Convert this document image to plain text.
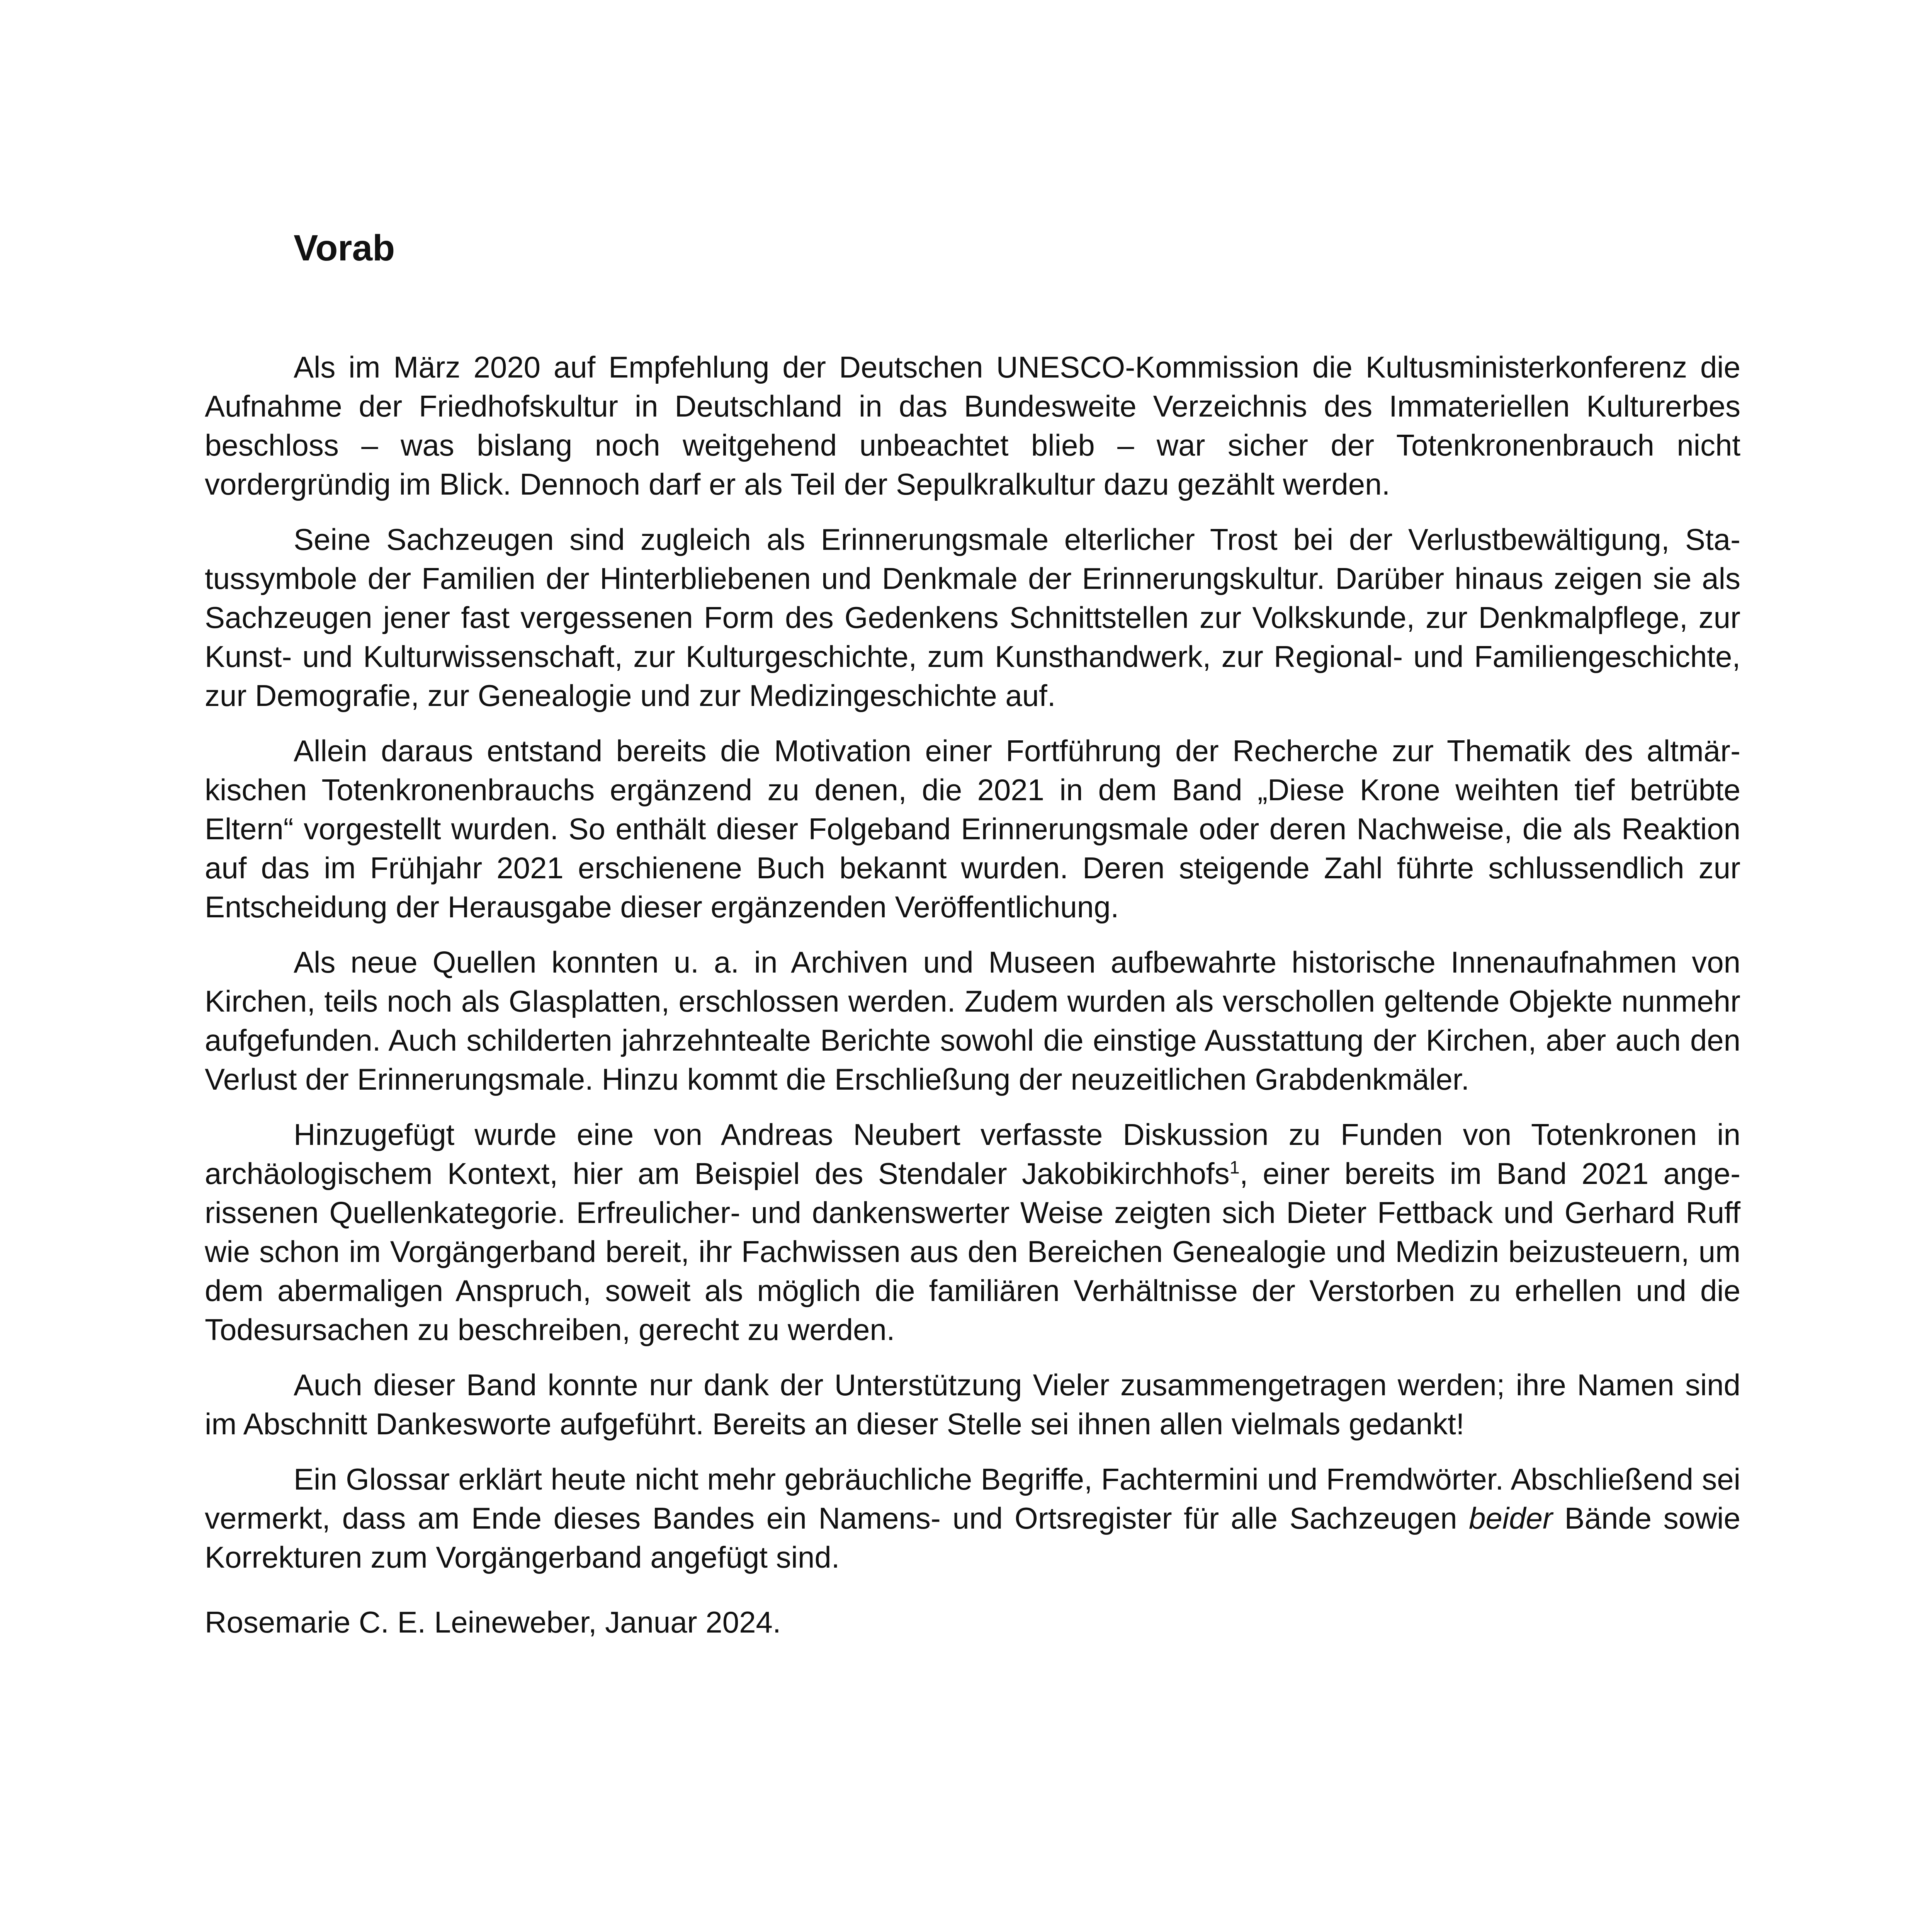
Vorab

Als im März 2020 auf Empfehlung der Deutschen UNESCO-Kommission die Kultusministerkonferenz die Aufnahme der Friedhofskultur in Deutschland in das Bundesweite Verzeichnis des Immateriellen Kulturerbes beschloss – was bislang noch weitgehend unbeachtet blieb – war sicher der Totenkronenbrauch nicht vordergründig im Blick. Dennoch darf er als Teil der Sepulkralkultur dazu gezählt werden.

Seine Sachzeugen sind zugleich als Erinnerungsmale elterlicher Trost bei der Verlustbewältigung, Statussymbole der Familien der Hinterbliebenen und Denkmale der Erinnerungskultur. Darüber hinaus zeigen sie als Sachzeugen jener fast vergessenen Form des Gedenkens Schnittstellen zur Volkskunde, zur Denkmalpflege, zur Kunst- und Kulturwissenschaft, zur Kulturgeschichte, zum Kunsthandwerk, zur Regional- und Familiengeschichte, zur Demografie, zur Genealogie und zur Medizingeschichte auf.

Allein daraus entstand bereits die Motivation einer Fortführung der Recherche zur Thematik des altmärkischen Totenkronenbrauchs ergänzend zu denen, die 2021 in dem Band „Diese Krone weihten tief betrübte Eltern“ vorgestellt wurden. So enthält dieser Folgeband Erinnerungsmale oder deren Nachweise, die als Reaktion auf das im Frühjahr 2021 erschienene Buch bekannt wurden. Deren steigende Zahl führte schlussendlich zur Entscheidung der Herausgabe dieser ergänzenden Veröffentlichung.

Als neue Quellen konnten u. a. in Archiven und Museen aufbewahrte historische Innenaufnahmen von Kirchen, teils noch als Glasplatten, erschlossen werden. Zudem wurden als verschollen geltende Objekte nunmehr aufgefunden. Auch schilderten jahrzehntealte Berichte sowohl die einstige Ausstattung der Kirchen, aber auch den Verlust der Erinnerungsmale. Hinzu kommt die Erschließung der neuzeitlichen Grabdenkmäler.

Hinzugefügt wurde eine von Andreas Neubert verfasste Diskussion zu Funden von Totenkronen in archäologischem Kontext, hier am Beispiel des Stendaler Jakobikirchhofs$^1$, einer bereits im Band 2021 angerissenen Quellenkategorie. Erfreulicher- und dankenswerter Weise zeigten sich Dieter Fettback und Gerhard Ruff wie schon im Vorgängerband bereit, ihr Fachwissen aus den Bereichen Genealogie und Medizin beizusteuern, um dem abermaligen Anspruch, soweit als möglich die familiären Verhältnisse der Verstorben zu erhellen und die Todesursachen zu beschreiben, gerecht zu werden.

Auch dieser Band konnte nur dank der Unterstützung Vieler zusammengetragen werden; ihre Namen sind im Abschnitt Dankesworte aufgeführt. Bereits an dieser Stelle sei ihnen allen vielmals gedankt!

Ein Glossar erklärt heute nicht mehr gebräuchliche Begriffe, Fachtermini und Fremdwörter. Abschließend sei vermerkt, dass am Ende dieses Bandes ein Namens- und Ortsregister für alle Sachzeugen beider Bände sowie Korrekturen zum Vorgängerband angefügt sind.

Rosemarie C. E. Leineweber, Januar 2024.
